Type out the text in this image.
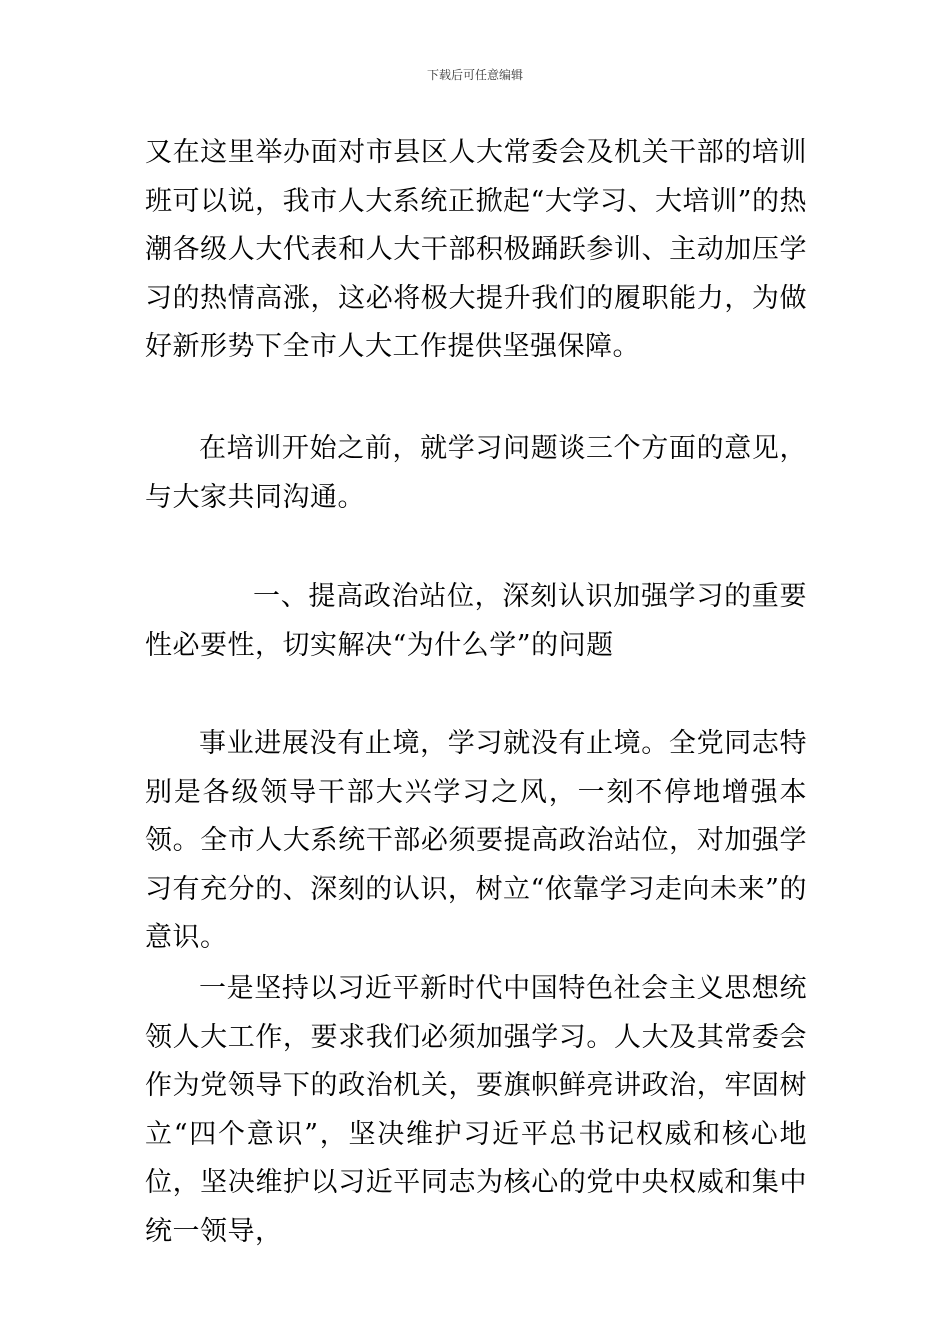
下载后可任意编辑

又在这里举办面对市县区人大常委会及机关干部的培训班可以说，我市人大系统正掀起“大学习、大培训”的热潮各级人大代表和人大干部积极踊跃参训、主动加压学习的热情高涨，这必将极大提升我们的履职能力，为做好新形势下全市人大工作提供坚强保障。

在培训开始之前，就学习问题谈三个方面的意见，与大家共同沟通。

一、提高政治站位，深刻认识加强学习的重要性必要性，切实解决“为什么学”的问题

事业进展没有止境，学习就没有止境。全党同志特别是各级领导干部大兴学习之风，一刻不停地增强本领。全市人大系统干部必须要提高政治站位，对加强学习有充分的、深刻的认识，树立“依靠学习走向未来”的意识。

一是坚持以习近平新时代中国特色社会主义思想统领人大工作，要求我们必须加强学习。人大及其常委会作为党领导下的政治机关，要旗帜鲜亮讲政治，牢固树立“四个意识”，坚决维护习近平总书记权威和核心地位，坚决维护以习近平同志为核心的党中央权威和集中统一领导，
